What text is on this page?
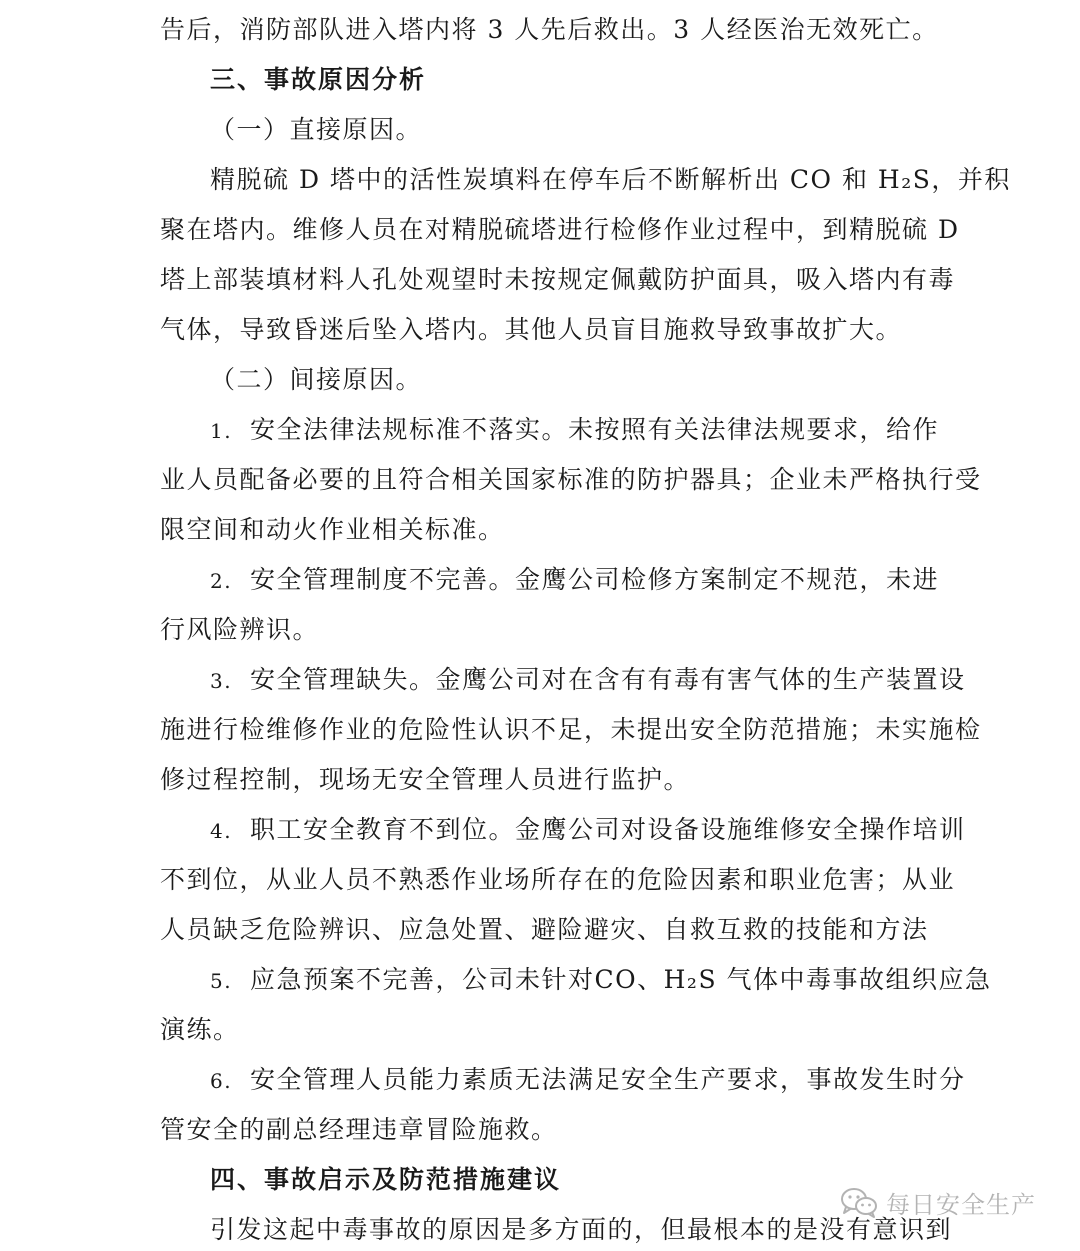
告后，消防部队进入塔内将 3 人先后救出。3 人经医治无效死亡。
三、事故原因分析
（一）直接原因。
精脱硫 D 塔中的活性炭填料在停车后不断解析出 CO 和 H₂S，并积
聚在塔内。维修人员在对精脱硫塔进行检修作业过程中，到精脱硫 D
塔上部装填材料人孔处观望时未按规定佩戴防护面具，吸入塔内有毒
气体，导致昏迷后坠入塔内。其他人员盲目施救导致事故扩大。
（二）间接原因。
1. 安全法律法规标准不落实。未按照有关法律法规要求，给作
业人员配备必要的且符合相关国家标准的防护器具；企业未严格执行受
限空间和动火作业相关标准。
2. 安全管理制度不完善。金鹰公司检修方案制定不规范，未进
行风险辨识。
3. 安全管理缺失。金鹰公司对在含有有毒有害气体的生产装置设
施进行检维修作业的危险性认识不足，未提出安全防范措施；未实施检
修过程控制，现场无安全管理人员进行监护。
4. 职工安全教育不到位。金鹰公司对设备设施维修安全操作培训
不到位，从业人员不熟悉作业场所存在的危险因素和职业危害；从业
人员缺乏危险辨识、应急处置、避险避灾、自救互救的技能和方法
5. 应急预案不完善，公司未针对CO、H₂S 气体中毒事故组织应急
演练。
6. 安全管理人员能力素质无法满足安全生产要求，事故发生时分
管安全的副总经理违章冒险施救。
四、事故启示及防范措施建议
引发这起中毒事故的原因是多方面的，但最根本的是没有意识到
每日安全生产
